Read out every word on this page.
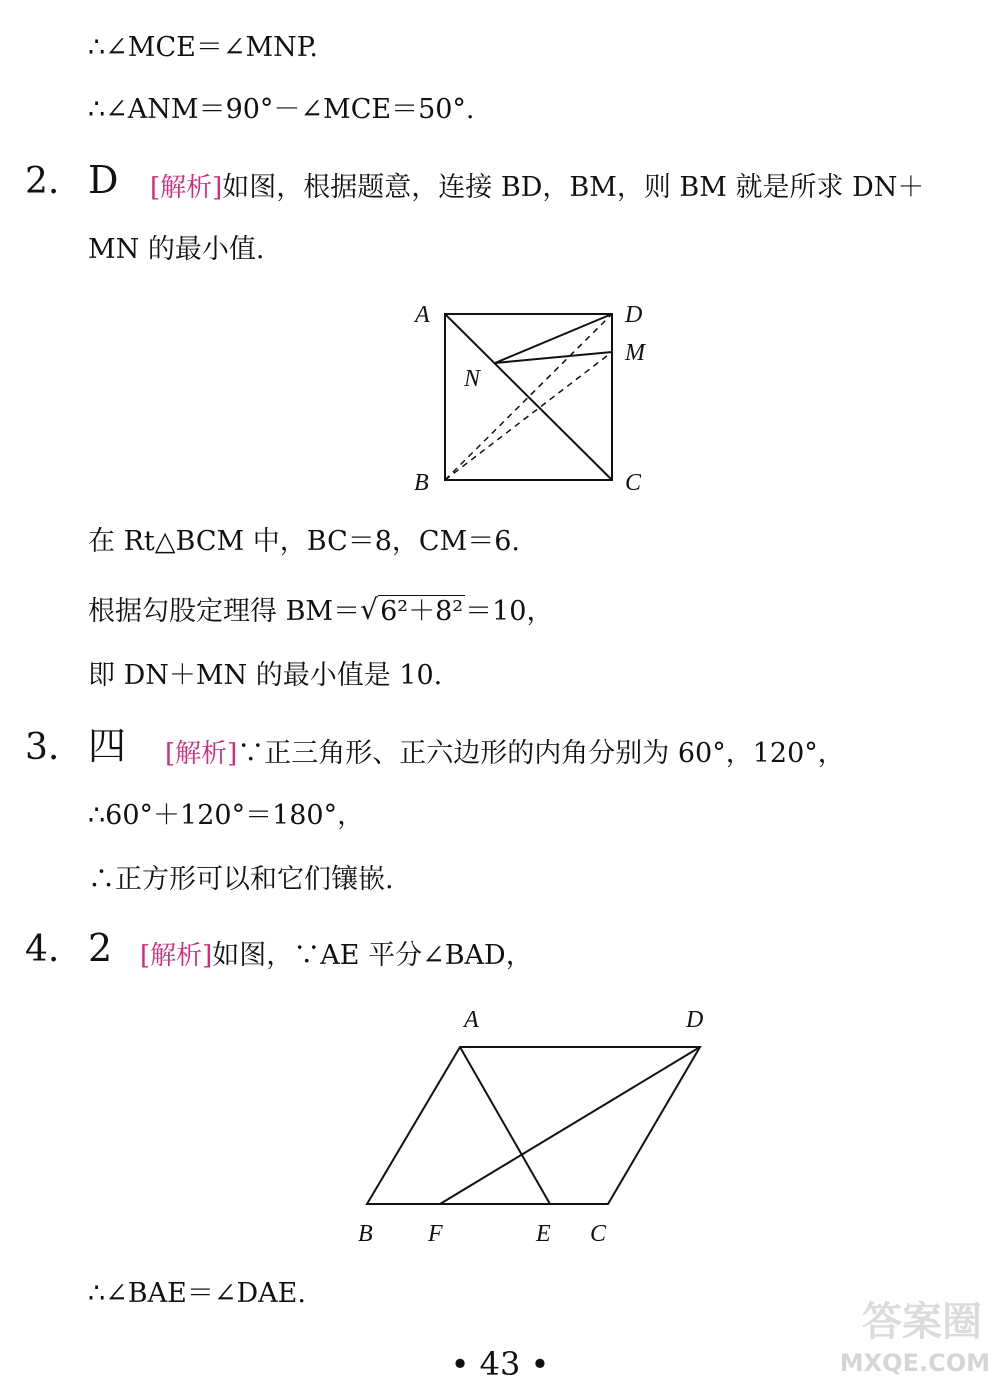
∴∠MCE＝∠MNP.
∴∠ANM＝90°－∠MCE＝50°.
2. D [解析]如图，根据题意，连接 BD，BM，则 BM 就是所求 DN＋
MN 的最小值.
A	D
M
N
B	C
在 Rt△BCM 中，BC＝8，CM＝6.
根据勾股定理得 BM＝ √ 6²＋8²＝10，
即 DN＋MN 的最小值是 10.
3. 四 [解析]∵正三角形、正六边形的内角分别为 60°，120°，
∴60°＋120°＝180°，
∴正方形可以和它们镶嵌.
4. 2 [解析]如图，∵AE 平分∠BAD，
A	D
B F	E C
∴∠BAE＝∠DAE.
• 43 •
答案圈
MXQE.COM
